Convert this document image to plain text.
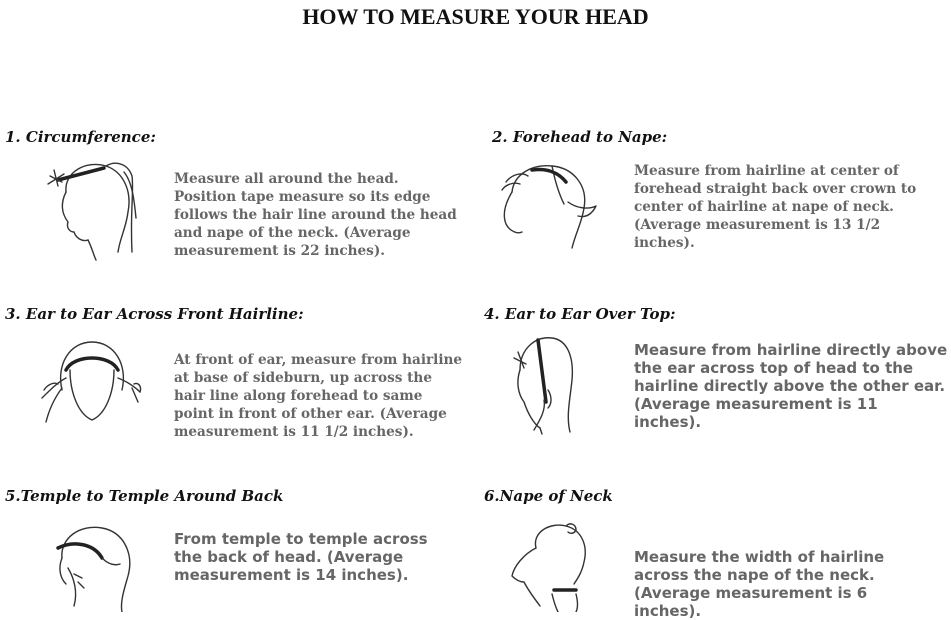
HOW TO MEASURE YOUR HEAD
1. Circumference:
Measure all around the head. Position tape measure so its edge follows the hair line around the head and nape of the neck. (Average measurement is 22 inches).
2. Forehead to Nape:
Measure from hairline at center of forehead straight back over crown to center of hairline at nape of neck. (Average measurement is 13 1/2 inches).
3. Ear to Ear Across Front Hairline:
At front of ear, measure from hairline at base of sideburn, up across the hair line along forehead to same point in front of other ear. (Average measurement is 11 1/2 inches).
4. Ear to Ear Over Top:
Measure from hairline directly above the ear across top of head to the hairline directly above the other ear. (Average measurement is 11 inches).
5.Temple to Temple Around Back
From temple to temple across the back of head. (Average measurement is 14 inches).
6.Nape of Neck
Measure the width of hairline across the nape of the neck. (Average measurement is 6 inches).
